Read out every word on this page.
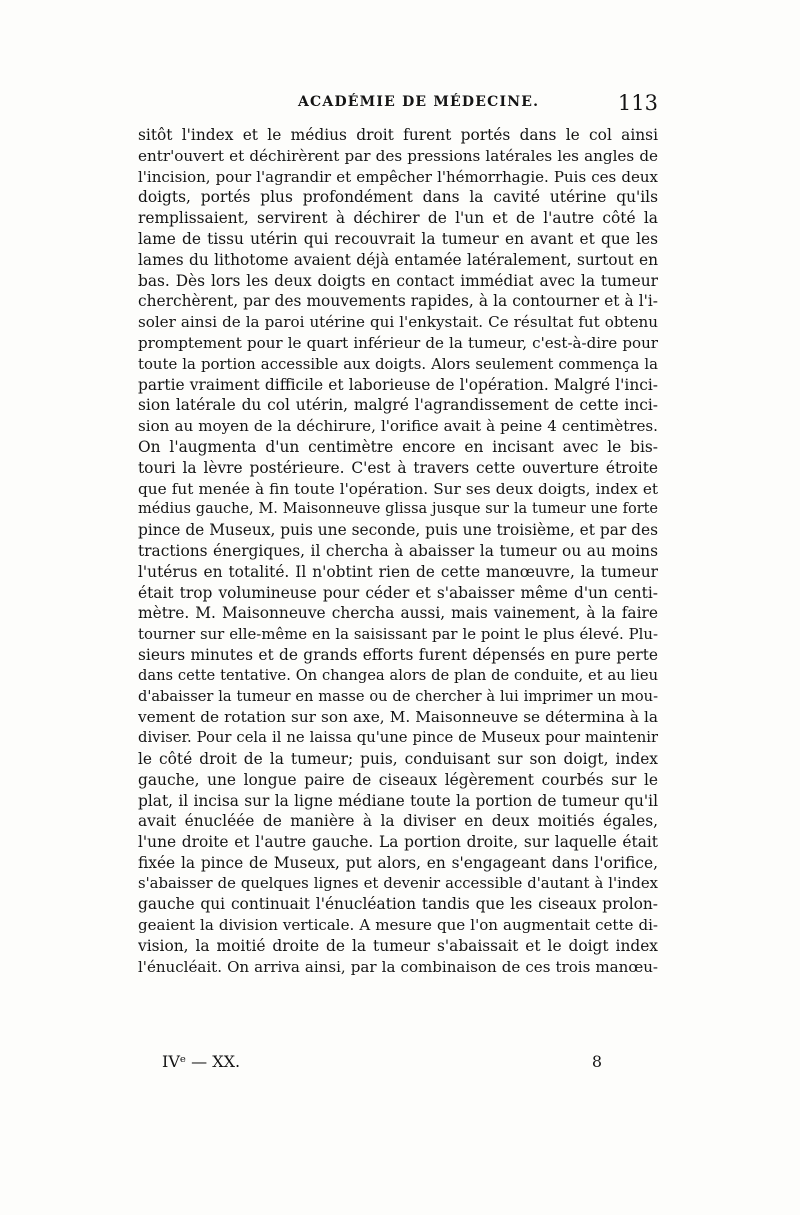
ACADÉMIE DE MÉDECINE.	113
sitôt l'index et le médius droit furent portés dans le col ainsi
entr'ouvert et déchirèrent par des pressions latérales les angles de
l'incision, pour l'agrandir et empêcher l'hémorrhagie. Puis ces deux
doigts, portés plus profondément dans la cavité utérine qu'ils
remplissaient, servirent à déchirer de l'un et de l'autre côté la
lame de tissu utérin qui recouvrait la tumeur en avant et que les
lames du lithotome avaient déjà entamée latéralement, surtout en
bas. Dès lors les deux doigts en contact immédiat avec la tumeur
cherchèrent, par des mouvements rapides, à la contourner et à l'i-
soler ainsi de la paroi utérine qui l'enkystait. Ce résultat fut obtenu
promptement pour le quart inférieur de la tumeur, c'est-à-dire pour
toute la portion accessible aux doigts. Alors seulement commença la
partie vraiment difficile et laborieuse de l'opération. Malgré l'inci-
sion latérale du col utérin, malgré l'agrandissement de cette inci-
sion au moyen de la déchirure, l'orifice avait à peine 4 centimètres.
On l'augmenta d'un centimètre encore en incisant avec le bis-
touri la lèvre postérieure. C'est à travers cette ouverture étroite
que fut menée à fin toute l'opération. Sur ses deux doigts, index et
médius gauche, M. Maisonneuve glissa jusque sur la tumeur une forte
pince de Museux, puis une seconde, puis une troisième, et par des
tractions énergiques, il chercha à abaisser la tumeur ou au moins
l'utérus en totalité. Il n'obtint rien de cette manœuvre, la tumeur
était trop volumineuse pour céder et s'abaisser même d'un centi-
mètre. M. Maisonneuve chercha aussi, mais vainement, à la faire
tourner sur elle-même en la saisissant par le point le plus élevé. Plu-
sieurs minutes et de grands efforts furent dépensés en pure perte
dans cette tentative. On changea alors de plan de conduite, et au lieu
d'abaisser la tumeur en masse ou de chercher à lui imprimer un mou-
vement de rotation sur son axe, M. Maisonneuve se détermina à la
diviser. Pour cela il ne laissa qu'une pince de Museux pour maintenir
le côté droit de la tumeur; puis, conduisant sur son doigt, index
gauche, une longue paire de ciseaux légèrement courbés sur le
plat, il incisa sur la ligne médiane toute la portion de tumeur qu'il
avait énucléée de manière à la diviser en deux moitiés égales,
l'une droite et l'autre gauche. La portion droite, sur laquelle était
fixée la pince de Museux, put alors, en s'engageant dans l'orifice,
s'abaisser de quelques lignes et devenir accessible d'autant à l'index
gauche qui continuait l'énucléation tandis que les ciseaux prolon-
geaient la division verticale. A mesure que l'on augmentait cette di-
vision, la moitié droite de la tumeur s'abaissait et le doigt index
l'énucléait. On arriva ainsi, par la combinaison de ces trois manœu-
IVᵉ — XX.	8
